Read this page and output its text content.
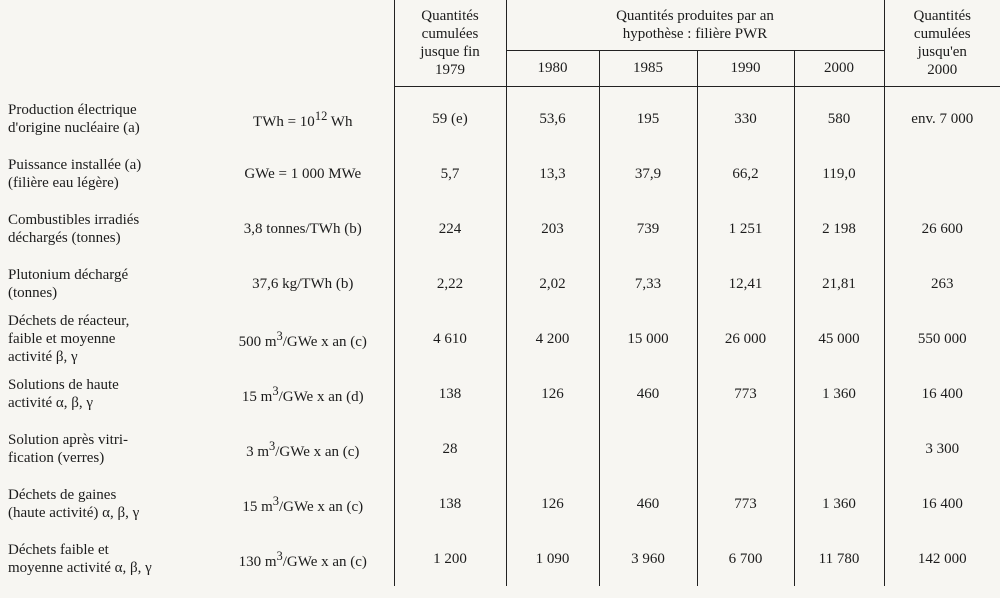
		Quantités
cumulées
jusque fin
1979	Quantités produites par an
hypothèse : filière PWR				Quantités
cumulées
jusqu'en
2000
			1980	1985	1990	2000	

Production électrique
d'origine nucléaire (a)	TWh = $10^{12}$ Wh	59 (e)	53,6	195	330	580	env. 7 000
Puissance installée (a)
(filière eau légère)	GWe = 1 000 MWe	5,7	13,3	37,9	66,2	119,0	
Combustibles irradiés
déchargés (tonnes)	3,8 tonnes/TWh (b)	224	203	739	1 251	2 198	26 600
Plutonium déchargé
(tonnes)	37,6 kg/TWh (b)	2,22	2,02	7,33	12,41	21,81	263
Déchets de réacteur,
faible et moyenne
activité β, γ	500 $m^3$/GWe x an (c)	4 610	4 200	15 000	26 000	45 000	550 000
Solutions de haute
activité α, β, γ	15 $m^3$/GWe x an (d)	138	126	460	773	1 360	16 400
Solution après vitri-
fication (verres)	3 $m^3$/GWe x an (c)	28					3 300
Déchets de gaines
(haute activité) α, β, γ	15 $m^3$/GWe x an (c)	138	126	460	773	1 360	16 400
Déchets faible et
moyenne activité α, β, γ	130 $m^3$/GWe x an (c)	1 200	1 090	3 960	6 700	11 780	142 000
